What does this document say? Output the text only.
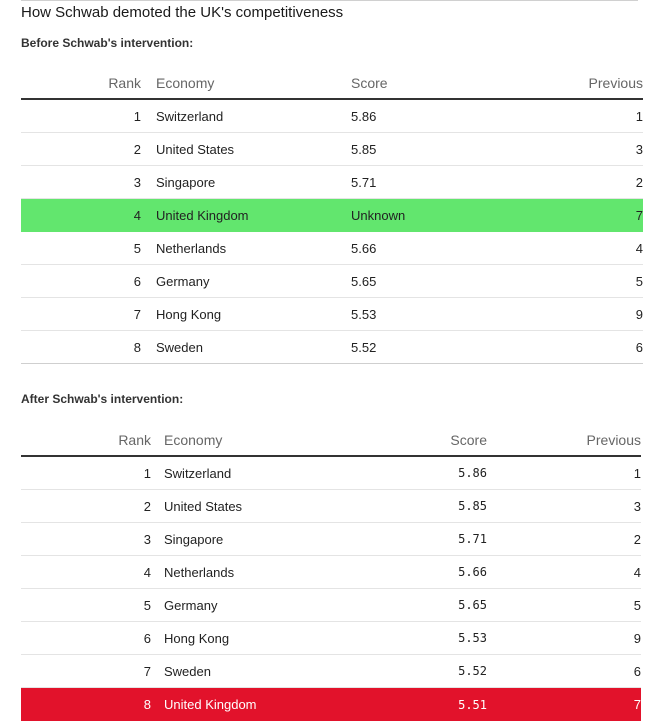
How Schwab demoted the UK's competitiveness
Before Schwab's intervention:
Rank Economy	Score	Previous
1 Switzerland	5.86	1
2 United States	5.85	3
3 Singapore	5.71	2
4 United Kingdom	Unknown	7
5 Netherlands	5.66	4
6 Germany	5.65	5
7 Hong Kong	5.53	9
8 Sweden	5.52	6
After Schwab's intervention:
Rank Economy	Score	Previous
1 Switzerland	5.86	1
2 United States	5.85	3
3 Singapore	5.71	2
4 Netherlands	5.66	4
5 Germany	5.65	5
6 Hong Kong	5.53	9
7 Sweden	5.52	6
8 United Kingdom	5.51	7
